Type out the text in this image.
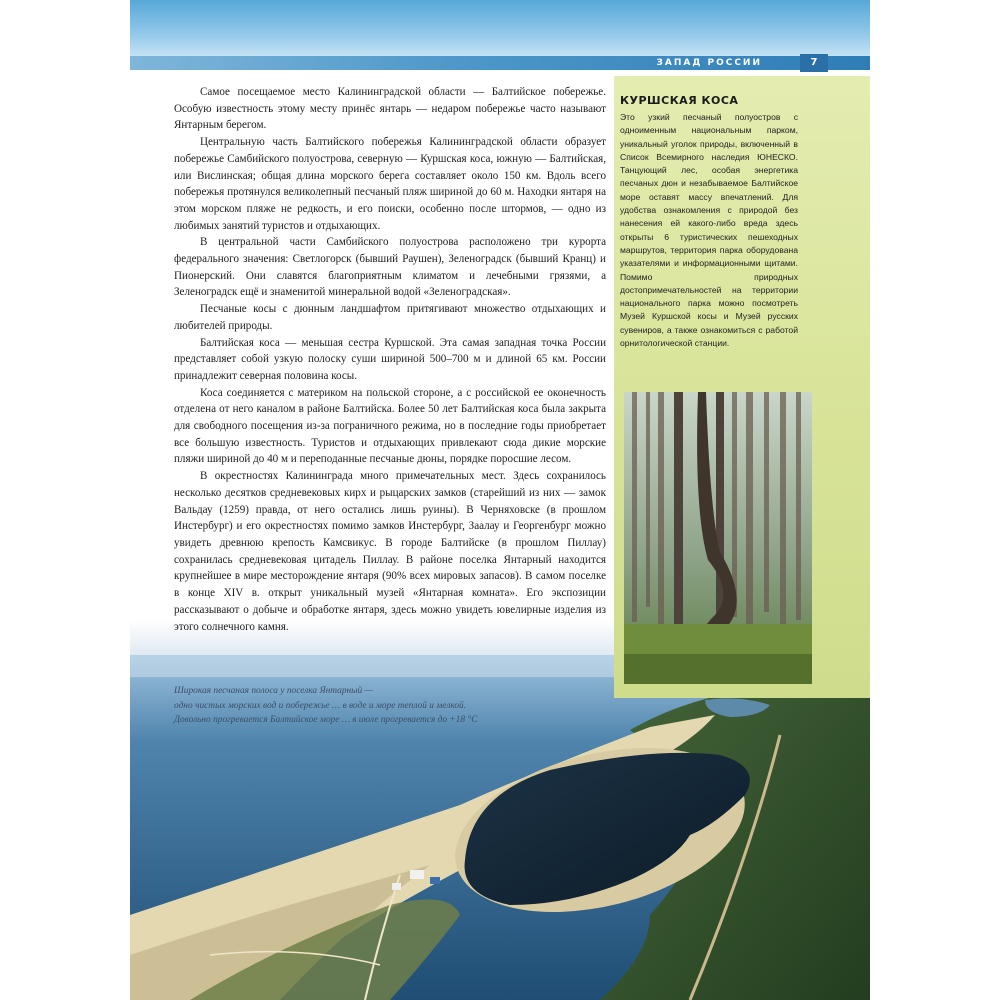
ЗАПАД РОССИИ	7

Самое посещаемое место Калининградской области — Балтийское побережье. Особую известность этому месту принёс янтарь — недаром побережье часто называют Янтарным берегом.

Центральную часть Балтийского побережья Калининградской области образует побережье Самбийского полуострова, северную — Куршская коса, южную — Балтийская, или Вислинская; общая длина морского берега составляет около 150 км. Вдоль всего побережья протянулся великолепный песчаный пляж шириной до 60 м. Находки янтаря на этом морском пляже не редкость, и его поиски, особенно после штормов, — одно из любимых занятий туристов и отдыхающих.

В центральной части Самбийского полуострова расположено три курорта федерального значения: Светлогорск (бывший Раушен), Зеленоградск (бывший Кранц) и Пионерский. Они славятся благоприятным климатом и лечебными грязями, а Зеленоградск ещё и знаменитой минеральной водой «Зеленоградская».

Песчаные косы с дюнным ландшафтом притягивают множество отдыхающих и любителей природы.

Балтийская коса — меньшая сестра Куршской. Эта самая западная точка России представляет собой узкую полоску суши шириной 500–700 м и длиной 65 км. России принадлежит северная половина косы.

Коса соединяется с материком на польской стороне, а с российской ее оконечность отделена от него каналом в районе Балтийска. Более 50 лет Балтийская коса была закрыта для свободного посещения из-за пограничного режима, но в последние годы приобретает все большую известность. Туристов и отдыхающих привлекают сюда дикие морские пляжи шириной до 40 м и переподанные песчаные дюны, порядке поросшие лесом.

В окрестностях Калининграда много примечательных мест. Здесь сохранилось несколько десятков средневековых кирх и рыцарских замков (старейший из них — замок Вальдау (1259) правда, от него остались лишь руины). В Черняховске (в прошлом Инстербург) и его окрестностях помимо замков Инстербург, Заалау и Георгенбург можно увидеть древнюю крепость Камсвикус. В городе Балтийске (в прошлом Пиллау) сохранилась средневековая цитадель Пиллау. В районе поселка Янтарный находится крупнейшее в мире месторождение янтаря (90% всех мировых запасов). В самом поселке в конце XIV в. открыт уникальный музей «Янтарная комната». Его экспозиции рассказывают о добыче и обработке янтаря, здесь можно увидеть ювелирные изделия из этого солнечного камня.

Широкая песчаная полоса у поселка Янтарный —
одно чистых морских вод и побережье … в воде и море теплой и мелкой.
Довольно прогревается Балтийское море … в июле прогревается до +18 °С
КУРШСКАЯ КОСА
Это узкий песчаный полуостров с одноименным национальным парком, уникальный уголок природы, включенный в Список Всемирного наследия ЮНЕСКО. Танцующий лес, особая энергетика песчаных дюн и незабываемое Балтийское море оставят массу впечатлений. Для удобства ознакомления с природой без нанесения ей какого-либо вреда здесь открыты 6 туристических пешеходных маршрутов, территория парка оборудована указателями и информационными щитами. Помимо природных достопримечательностей на территории национального парка можно посмотреть Музей Куршской косы и Музей русских сувениров, а также ознакомиться с работой орнитологической станции.
